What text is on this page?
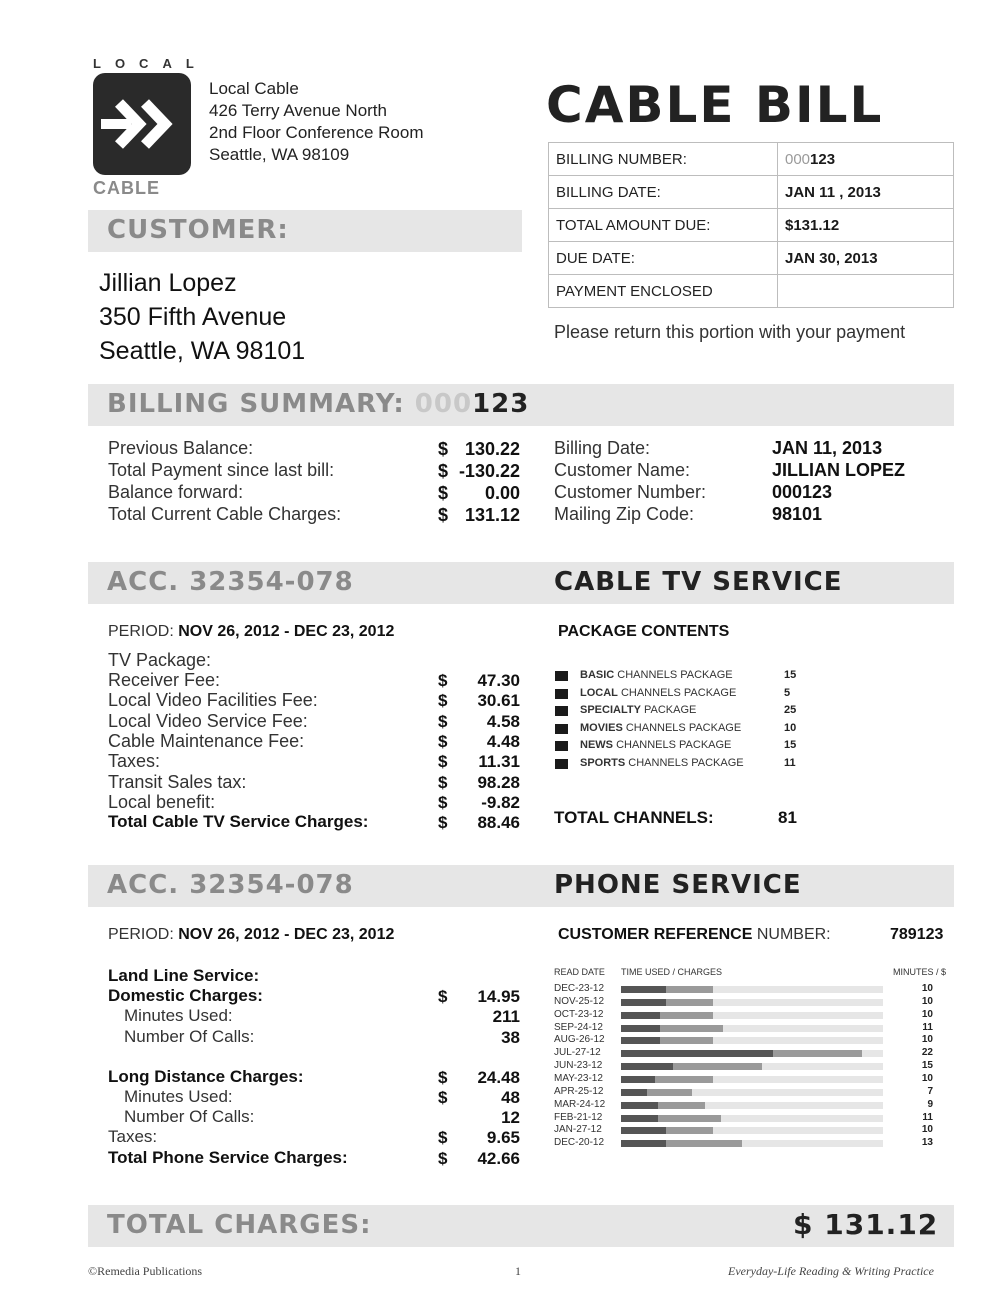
LOCAL
CABLE
Local Cable
426 Terry Avenue North
2nd Floor Conference Room
Seattle, WA 98109
CABLE BILL
BILLING NUMBER:	000123
BILLING DATE:	JAN 11 , 2013
TOTAL AMOUNT DUE:	$131.12
DUE DATE:	JAN 30, 2013
PAYMENT ENCLOSED	
Please return this portion with your payment
CUSTOMER:
Jillian Lopez
350 Fifth Avenue
Seattle, WA 98101
BILLING SUMMARY: 000123
Previous Balance:	$ 130.22
Total Payment since last bill:	$ -130.22
Balance forward:	$	0.00
Total Current Cable Charges:	$ 131.12
Billing Date:	JAN 11, 2013
Customer Name:	JILLIAN LOPEZ
Customer Number:	000123
Mailing Zip Code:	98101
ACC. 32354-078	CABLE TV SERVICE
PERIOD: NOV 26, 2012 - DEC 23, 2012
TV Package:
Receiver Fee:	$	47.30
Local Video Facilities Fee:	$	30.61
Local Video Service Fee:	$	4.58
Cable Maintenance Fee:	$	4.48
Taxes:	$	11.31
Transit Sales tax:	$	98.28
Local benefit:	$	-9.82
Total Cable TV Service Charges:	$	88.46
PACKAGE CONTENTS
BASIC CHANNELS PACKAGE	15
LOCAL CHANNELS PACKAGE	5
SPECIALTY PACKAGE	25
MOVIES CHANNELS PACKAGE	10
NEWS CHANNELS PACKAGE	15
SPORTS CHANNELS PACKAGE	11
TOTAL CHANNELS:	81
ACC. 32354-078	PHONE SERVICE
PERIOD: NOV 26, 2012 - DEC 23, 2012	CUSTOMER REFERENCE NUMBER:	789123
Land Line Service:
Domestic Charges:	$	14.95
Minutes Used:	211
Number Of Calls:	38
Long Distance Charges:	$	24.48
Minutes Used:	$	48
Number Of Calls:	12
Taxes:	$	9.65
Total Phone Service Charges:	$	42.66
READ DATE TIME USED / CHARGES	MINUTES / $
DEC-23-12	10
NOV-25-12	10
OCT-23-12	10
SEP-24-12	11
AUG-26-12	10
JUL-27-12	22
JUN-23-12	15
MAY-23-12	10
APR-25-12	7
MAR-24-12	9
FEB-21-12	11
JAN-27-12	10
DEC-20-12	13
TOTAL CHARGES:	$ 131.12
©Remedia Publications	1	Everyday-Life Reading & Writing Practice
